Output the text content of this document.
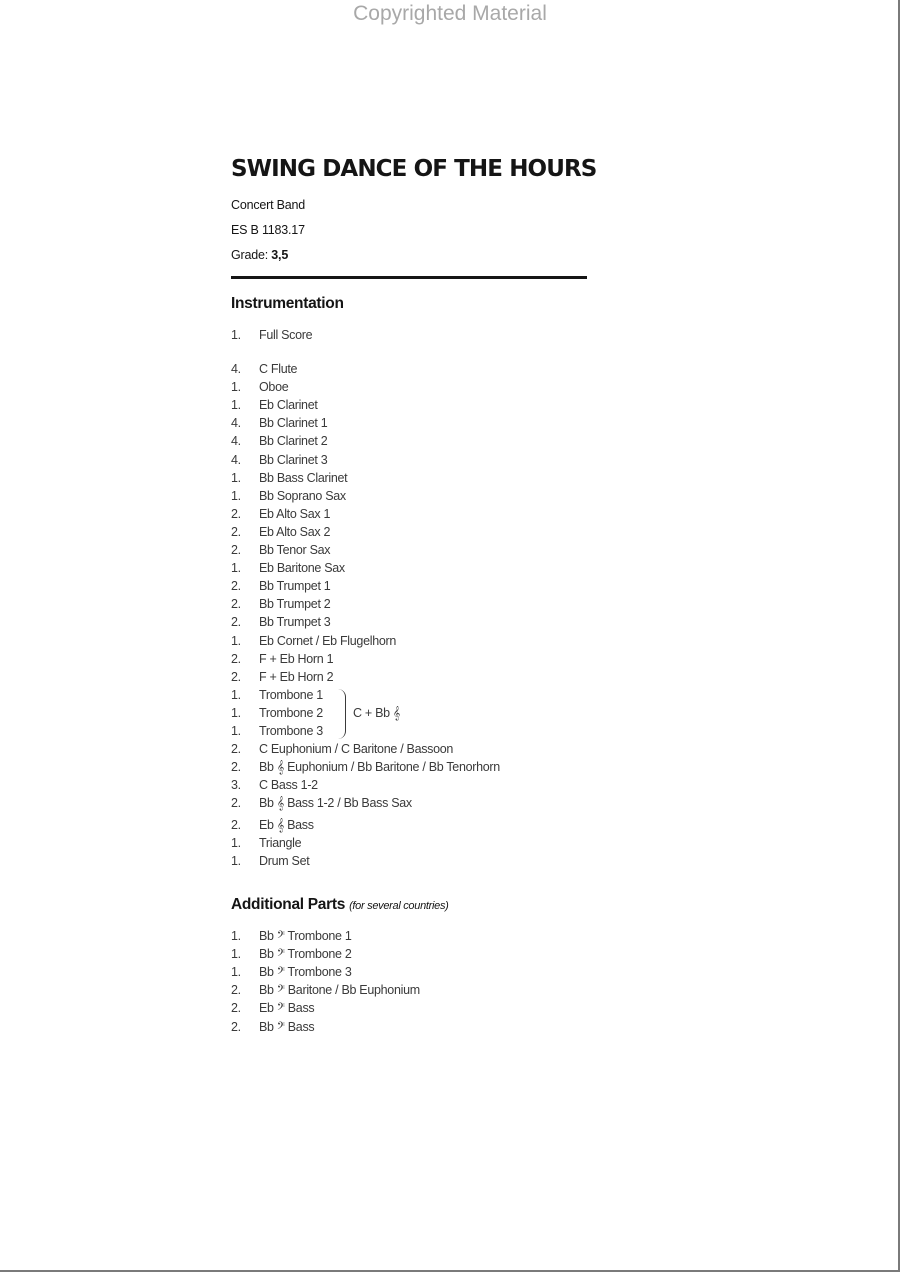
Copyrighted Material
SWING DANCE OF THE HOURS
Concert Band
ES B 1183.17
Grade: 3,5
Instrumentation
1.	Full Score
4.	C Flute
1.	Oboe
1.	Eb Clarinet
4.	Bb Clarinet 1
4.	Bb Clarinet 2
4.	Bb Clarinet 3
1.	Bb Bass Clarinet
1.	Bb Soprano Sax
2.	Eb Alto Sax 1
2.	Eb Alto Sax 2
2.	Bb Tenor Sax
1.	Eb Baritone Sax
2.	Bb Trumpet 1
2.	Bb Trumpet 2
2.	Bb Trumpet 3
1.	Eb Cornet / Eb Flugelhorn
2.	F + Eb Horn 1
2.	F + Eb Horn 2
1.	Trombone 1
1.	Trombone 2
1.	Trombone 3
2.	C Euphonium / C Baritone / Bassoon
2.	Bb 𝄞 Euphonium / Bb Baritone / Bb Tenorhorn
3.	C Bass 1-2
2.	Bb 𝄞 Bass 1-2 / Bb Bass Sax
2.	Eb 𝄞 Bass
1.	Triangle
1.	Drum Set
C + Bb 𝄞
Additional Parts (for several countries)
1.	Bb 𝄢 Trombone 1
1.	Bb 𝄢 Trombone 2
1.	Bb 𝄢 Trombone 3
2.	Bb 𝄢 Baritone / Bb Euphonium
2.	Eb 𝄢 Bass
2.	Bb 𝄢 Bass
